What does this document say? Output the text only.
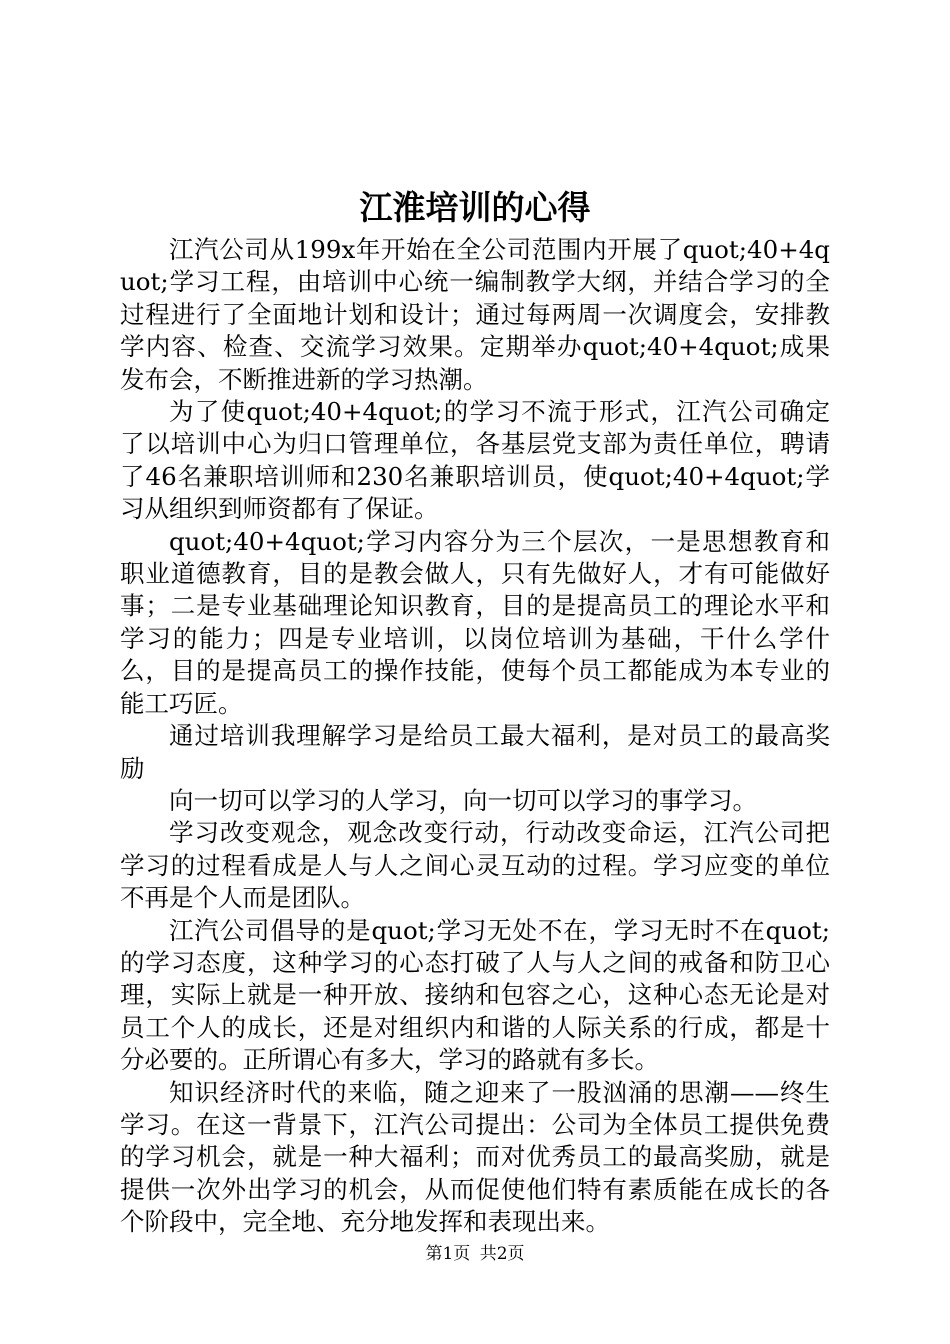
江淮培训的心得

江汽公司从199x年开始在全公司范围内开展了quot;40+4quot;学习工程，由培训中心统一编制教学大纲，并结合学习的全过程进行了全面地计划和设计；通过每两周一次调度会，安排教学内容、检查、交流学习效果。定期举办quot;40+4quot;成果发布会，不断推进新的学习热潮。

为了使quot;40+4quot;的学习不流于形式，江汽公司确定了以培训中心为归口管理单位，各基层党支部为责任单位，聘请了46名兼职培训师和230名兼职培训员，使quot;40+4quot;学习从组织到师资都有了保证。

quot;40+4quot;学习内容分为三个层次，一是思想教育和职业道德教育，目的是教会做人，只有先做好人，才有可能做好事；二是专业基础理论知识教育，目的是提高员工的理论水平和学习的能力；四是专业培训，以岗位培训为基础，干什么学什么，目的是提高员工的操作技能，使每个员工都能成为本专业的能工巧匠。

通过培训我理解学习是给员工最大福利，是对员工的最高奖励

向一切可以学习的人学习，向一切可以学习的事学习。

学习改变观念，观念改变行动，行动改变命运，江汽公司把学习的过程看成是人与人之间心灵互动的过程。学习应变的单位不再是个人而是团队。

江汽公司倡导的是quot;学习无处不在，学习无时不在quot;的学习态度，这种学习的心态打破了人与人之间的戒备和防卫心理，实际上就是一种开放、接纳和包容之心，这种心态无论是对员工个人的成长，还是对组织内和谐的人际关系的行成，都是十分必要的。正所谓心有多大，学习的路就有多长。

知识经济时代的来临，随之迎来了一股汹涌的思潮——终生学习。在这一背景下，江汽公司提出：公司为全体员工提供免费的学习机会，就是一种大福利；而对优秀员工的最高奖励，就是提供一次外出学习的机会，从而促使他们特有素质能在成长的各个阶段中，完全地、充分地发挥和表现出来。

第1页 共2页
